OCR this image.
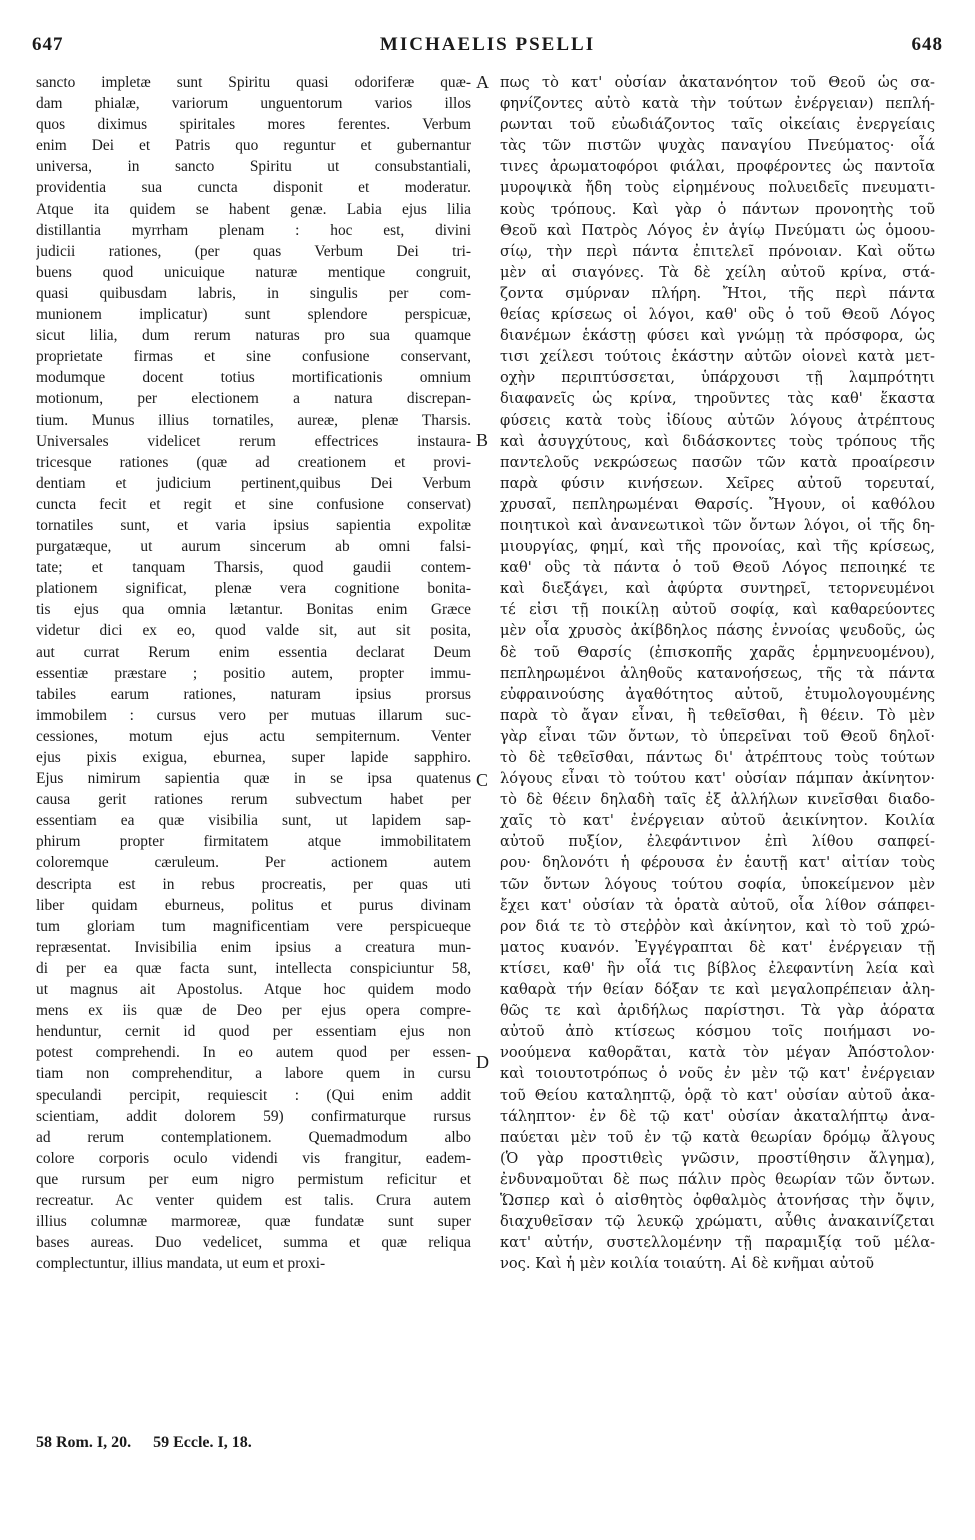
647	MICHAELIS PSELLI	648
sancto impletæ sunt Spiritu quasi odoriferæ quæ-
dam phialæ, variorum unguentorum varios illos
quos diximus spiritales mores ferentes. Verbum
enim Dei et Patris quo reguntur et gubernantur
universa, in sancto Spiritu ut consubstantiali,
providentia sua cuncta disponit et moderatur.
Atque ita quidem se habent genæ. Labia ejus lilia
distillantia myrrham plenam : hoc est, divini
judicii rationes, (per quas Verbum Dei tri-
buens quod unicuique naturæ mentique congruit,
quasi quibusdam labris, in singulis per com-
munionem implicatur) sunt splendore perspicuæ,
sicut lilia, dum rerum naturas pro sua quamque
proprietate firmas et sine confusione conservant,
modumque docent totius mortificationis omnium
motionum, per electionem a natura discrepan-
tium. Munus illius tornatiles, aureæ, plenæ Tharsis.
Universales videlicet rerum effectrices instaura-
tricesque rationes (quæ ad creationem et provi-
dentiam et judicium pertinent,quibus Dei Verbum
cuncta fecit et regit et sine confusione conservat)
tornatiles sunt, et varia ipsius sapientia expolitæ
purgatæque, ut aurum sincerum ab omni falsi-
tate; et tanquam Tharsis, quod gaudii contem-
plationem significat, plenæ vera cognitione bonita-
tis ejus qua omnia lætantur. Bonitas enim Græce
videtur dici ex eo, quod valde sit, aut sit posita,
aut currat Rerum enim essentia declarat Deum
essentiæ præstare ; positio autem, propter immu-
tabiles earum rationes, naturam ipsius prorsus
immobilem : cursus vero per mutuas illarum suc-
cessiones, motum ejus actu sempiternum. Venter
ejus pixis exigua, eburnea, super lapide sapphiro.
Ejus nimirum sapientia quæ in se ipsa quatenus
causa gerit rationes rerum subvectum habet per
essentiam ea quæ visibilia sunt, ut lapidem sap-
phirum propter firmitatem atque immobilitatem
coloremque cæruleum. Per actionem autem
descripta est in rebus procreatis, per quas uti
liber quidam eburneus, politus et purus divinam
tum gloriam tum magnificentiam vere perspicueque
repræsentat. Invisibilia enim ipsius a creatura mun-
di per ea quæ facta sunt, intellecta conspiciuntur 58,
ut magnus ait Apostolus. Atque hoc quidem modo
mens ex iis quæ de Deo per ejus opera compre-
henduntur, cernit id quod per essentiam ejus non
potest comprehendi. In eo autem quod per essen-
tiam non comprehenditur, a labore quem in cursu
speculandi percipit, requiescit : (Qui enim addit
scientiam, addit dolorem 59) confirmaturque rursus
ad rerum contemplationem. Quemadmodum albo
colore corporis oculo videndi vis frangitur, eadem-
que rursum per eum nigro permistum reficitur et
recreatur. Ac venter quidem est talis. Crura autem
illius columnæ marmoreæ, quæ fundatæ sunt super
bases aureas. Duo vedelicet, summa et quæ reliqua
complectuntur, illius mandata, ut eum et proxi-
πως τὸ κατ' οὐσίαν ἀκατανόητον τοῦ Θεοῦ ὡς σα-
φηνίζοντες αὐτὸ κατὰ τὴν τούτων ἐνέργειαν) πεπλή-
ρωνται τοῦ εὐωδιάζοντος ταῖς οἰκείαις ἐνεργείαις
τὰς τῶν πιστῶν ψυχὰς παναγίου Πνεύματος· οἷά
τινες ἀρωματοφόροι φιάλαι, προφέροντες ὡς παντοῖα
μυροψικὰ ἤδη τοὺς εἰρημένους πολυειδεῖς πνευματι-
κοὺς τρόπους. Καὶ γὰρ ὁ πάντων προνοητὴς τοῦ
Θεοῦ καὶ Πατρὸς Λόγος ἐν ἁγίῳ Πνεύματι ὡς ὁμοου-
σίῳ, τὴν περὶ πάντα ἐπιτελεῖ πρόνοιαν. Καὶ οὕτω
μὲν αἱ σιαγόνες. Τὰ δὲ χείλη αὐτοῦ κρίνα, στά-
ζοντα σμύρναν πλήρη. Ἤτοι, τῆς περὶ πάντα
θείας κρίσεως οἱ λόγοι, καθ' οὓς ὁ τοῦ Θεοῦ Λόγος
διανέμων ἑκάστῃ φύσει καὶ γνώμῃ τὰ πρόσφορα, ὡς
τισι χείλεσι τούτοις ἑκάστην αὐτῶν οἱονεὶ κατὰ μετ-
οχὴν περιπτύσσεται, ὑπάρχουσι τῇ λαμπρότητι
διαφανεῖς ὡς κρίνα, τηροῦντες τὰς καθ' ἕκαστα
φύσεις κατὰ τοὺς ἰδίους αὐτῶν λόγους ἀτρέπτους
καὶ ἀσυγχύτους, καὶ διδάσκοντες τοὺς τρόπους τῆς
παντελοῦς νεκρώσεως πασῶν τῶν κατὰ προαίρεσιν
παρὰ φύσιν κινήσεων. Χεῖρες αὐτοῦ τορευταί,
χρυσαῖ, πεπληρωμέναι Θαρσίς. Ἤγουν, οἱ καθόλου
ποιητικοὶ καὶ ἀνανεωτικοὶ τῶν ὄντων λόγοι, οἱ τῆς δη-
μιουργίας, φημί, καὶ τῆς προνοίας, καὶ τῆς κρίσεως,
καθ' οὓς τὰ πάντα ὁ τοῦ Θεοῦ Λόγος πεποιηκέ τε
καὶ διεξάγει, καὶ ἀφύρτα συντηρεῖ, τετορνευμένοι
τέ εἰσι τῇ ποικίλῃ αὐτοῦ σοφίᾳ, καὶ καθαρεύοντες
μὲν οἷα χρυσὸς ἀκίβδηλος πάσης ἐννοίας ψευδοῦς, ὡς
δὲ τοῦ Θαρσίς (ἐπισκοπῆς χαρᾶς ἑρμηνευομένου),
πεπληρωμένοι ἀληθοῦς κατανοήσεως, τῆς τὰ πάντα
εὐφραινούσης ἀγαθότητος αὐτοῦ, ἐτυμολογουμένης
παρὰ τὸ ἄγαν εἶναι, ἢ τεθεῖσθαι, ἢ θέειν. Τὸ μὲν
γὰρ εἶναι τῶν ὄντων, τὸ ὑπερεῖναι τοῦ Θεοῦ δηλοῖ·
τὸ δὲ τεθεῖσθαι, πάντως δι' ἀτρέπτους τοὺς τούτων
λόγους εἶναι τὸ τούτου κατ' οὐσίαν πάμπαν ἀκίνητον·
τὸ δὲ θέειν δηλαδὴ ταῖς ἐξ ἀλλήλων κινεῖσθαι διαδο-
χαῖς τὸ κατ' ἐνέργειαν αὐτοῦ ἀεικίνητον. Κοιλία
αὐτοῦ πυξίον, ἐλεφάντινον ἐπὶ λίθου σαπφεί-
ρου· δηλονότι ἡ φέρουσα ἐν ἑαυτῇ κατ' αἰτίαν τοὺς
τῶν ὄντων λόγους τούτου σοφία, ὑποκείμενον μὲν
ἔχει κατ' οὐσίαν τὰ ὁρατὰ αὐτοῦ, οἷα λίθον σάπφει-
ρον διά τε τὸ στεῤῥὸν καὶ ἀκίνητον, καὶ τὸ τοῦ χρώ-
ματος κυανόν. Ἐγγέγραπται δὲ κατ' ἐνέργειαν τῇ
κτίσει, καθ' ἣν οἷά τις βίβλος ἐλεφαντίνη λεία καὶ
καθαρὰ τήν θείαν δόξαν τε καὶ μεγαλοπρέπειαν ἀλη-
θῶς τε καὶ ἀριδήλως παρίστησι. Τὰ γὰρ ἀόρατα
αὐτοῦ ἀπὸ κτίσεως κόσμου τοῖς ποιήμασι νο-
νοούμενα καθορᾶται, κατὰ τὸν μέγαν Ἀπόστολον·
καὶ τοιουτοτρόπως ὁ νοῦς ἐν μὲν τῷ κατ' ἐνέργειαν
τοῦ Θείου καταληπτῷ, ὁρᾷ τὸ κατ' οὐσίαν αὐτοῦ ἀκα-
τάληπτον· ἐν δὲ τῷ κατ' οὐσίαν ἀκαταλήπτῳ ἀνα-
παύεται μὲν τοῦ ἐν τῷ κατὰ θεωρίαν δρόμῳ ἄλγους
(Ὁ γὰρ προστιθεὶς γνῶσιν, προστίθησιν ἄλγημα),
ἐνδυναμοῦται δὲ πως πάλιν πρὸς θεωρίαν τῶν ὄντων.
Ὥσπερ καὶ ὁ αἰσθητὸς ὀφθαλμὸς ἀτονήσας τὴν ὄψιν,
διαχυθεῖσαν τῷ λευκῷ χρώματι, αὖθις ἀνακαινίζεται
κατ' αὐτήν, συστελλομένην τῇ παραμιξίᾳ τοῦ μέλα-
νος. Καὶ ἡ μὲν κοιλία τοιαύτη. Αἱ δὲ κνῆμαι αὐτοῦ
A
B
C
D
58 Rom. I, 20. 59 Eccle. I, 18.
